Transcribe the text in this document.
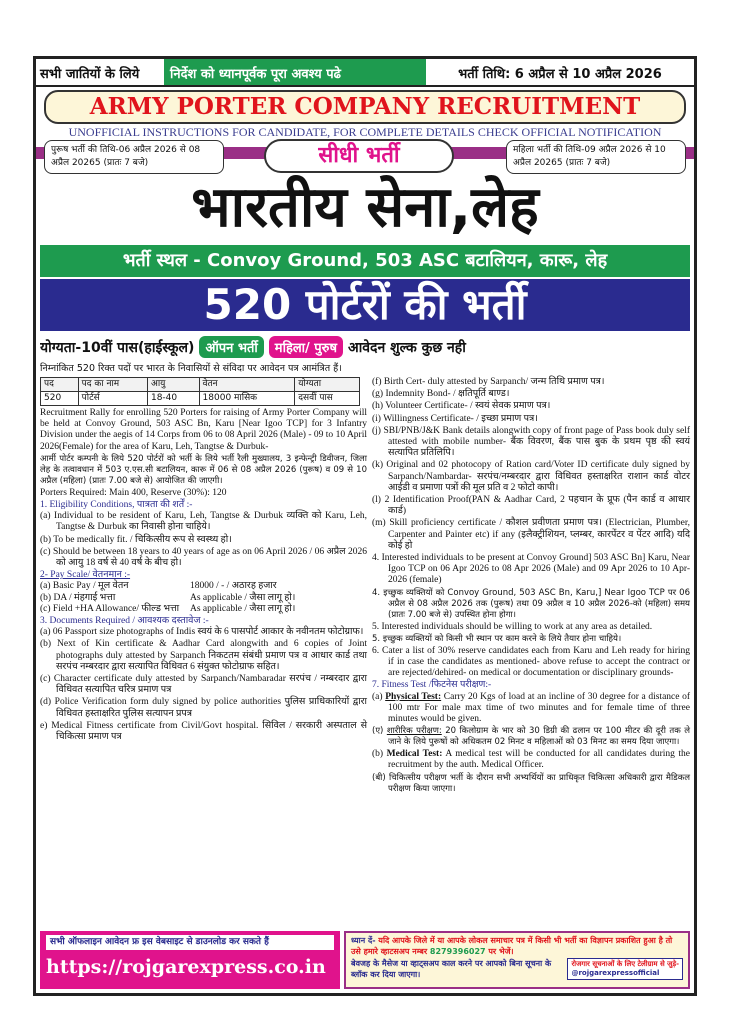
सभी जातियों के लिये	निर्देश को ध्यानपूर्वक पूरा अवश्य पढे	भर्ती तिथि: 6 अप्रैल से 10 अप्रैल 2026
ARMY PORTER COMPANY RECRUITMENT
UNOFFICIAL INSTRUCTIONS FOR CANDIDATE, FOR COMPLETE DETAILS CHECK OFFICIAL NOTIFICATION
पुरूष भर्ती की तिथि-06 अप्रैल 2026 से 08 अप्रैल 20265 (प्रातः 7 बजे)	सीधी भर्ती	महिला भर्ती की तिथि-09 अप्रैल 2026 से 10 अप्रैल 20265 (प्रातः 7 बजे)
भारतीय सेना,लेह
भर्ती स्थल - Convoy Ground, 503 ASC बटालियन, कारू, लेह
520 पोर्टरों की भर्ती
योग्यता-10वीं पास(हाईस्कूल) ऑपन भर्ती	महिला/ पुरुष आवेदन शुल्क कुछ नही
निम्नांकित 520 रिक्त पदों पर भारत के निवासियों से संविदा पर आवेदन पत्र आमंत्रित हैं।
पद	पद का नाम	आयु	वेतन	योग्यता
520	पोर्टर्स	18-40	18000 मासिक	दसवीं पास
Recruitment Rally for enrolling 520 Porters for raising of Army Porter Company will be held at Convoy Ground, 503 ASC Bn, Karu [Near Igoo TCP] for 3 Infantry Division under the aegis of 14 Corps from 06 to 08 April 2026 (Male) - 09 to 10 April 2026(Female) for the area of Karu, Leh, Tangtse & Durbuk-
आर्मी पोर्टर कम्पनी के लिये 520 पोर्टरों को भर्ती के लिये भर्ती रैली मुख्यालय, 3 इन्फेन्ट्री डिवीजन, जिला लेह के तत्वावधान में 503 ए.एस.सी बटालियन, कारू में 06 से 08 अप्रैल 2026 (पुरूष) व 09 से 10 अप्रैल (महिला) (प्रातः 7.00 बजे से) आयोजित की जाएगी।
Porters Required: Main 400, Reserve (30%): 120
1. Eligibility Conditions, पात्रता की शर्तें :-
(a) Individual to be resident of Karu, Leh, Tangtse & Durbuk व्यक्ति को Karu, Leh, Tangtse & Durbuk का निवासी होना चाहिये।
(b) To be medically fit. / चिकित्सीय रूप से स्वस्थ्य हो।
(c) Should be between 18 years to 40 years of age as on 06 April 2026 / 06 अप्रैल 2026 को आयु 18 वर्ष से 40 वर्ष के बीच हो।
2- Pay Scale/ वेतनमान :-
(a) Basic Pay / मूल वेतन	18000 / - / अठारह हजार
(b) DA / मंहगाई भत्ता	As applicable / जैसा लागू हो।
(c) Field +HA Allowance/ फील्ड भत्ता	As applicable / जैसा लागू हो।
3. Documents Required / आवश्यक दस्तावेज :-
(a) 06 Passport size photographs of Indis स्वयं के 6 पासपोर्ट आकार के नवीनतम फोटोग्राफ।
(b) Next of Kin certificate & Aadhar Card alongwith and 6 copies of Joint photographs duly attested by Sarpanch निकटतम संबंधी प्रमाण पत्र व आधार कार्ड तथा सरपंच नम्बरदार द्वारा सत्यापित विधिवत 6 संयुक्त फोटोग्राफ सहित।
(c) Character certificate duly attested by Sarpanch/Nambaradar सरपंच / नम्बरदार द्वारा विधिवत सत्यापित चरित्र प्रमाण पत्र
(d) Police Verification form duly signed by police authorities पुलिस प्राधिकारियों द्वारा विधिवत हस्ताक्षरित पुलिस सत्यापन प्रपत्र
e) Medical Fitness certificate from Civil/Govt hospital. सिविल / सरकारी अस्पताल से चिकित्सा प्रमाण पत्र
(f) Birth Cert- duly attested by Sarpanch/ जन्म तिथि प्रमाण पत्र।
(g) Indemnity Bond- / क्षतिपूर्ति बाण्ड।
(h) Volunteer Certificate- / स्वयं सेवक प्रमाण पत्र।
(i) Willingness Certificate- / इच्छा प्रमाण पत्र।
(j) SBI/PNB/J&K Bank details alongwith copy of front page of Pass book duly self attested with mobile number- बैंक विवरण, बैंक पास बुक के प्रथम पृष्ठ की स्वयं सत्यापित प्रतिलिपि।
(k) Original and 02 photocopy of Ration card/Voter ID certificate duly signed by Sarpanch/Nambardar- सरपंच/नम्बरदार द्वारा विधिवत हस्ताक्षरित राशान कार्ड वोटर आईडी व प्रमाणा पत्रों की मूल प्रति व 2 फोटो कापी।
(l) 2 Identification Proof(PAN & Aadhar Card, 2 पहचान के प्रूफ (पैन कार्ड व आधार कार्ड)
(m) Skill proficiency certificate / कौशल प्रवीणता प्रमाण पत्र। (Electrician, Plumber, Carpenter and Painter etc) if any (इलैक्ट्रीशियन, प्लम्बर, कारपेंटर व पेंटर आदि) यदि कोई हो
4. Interested individuals to be present at Convoy Ground] 503 ASC Bn] Karu, Near Igoo TCP on 06 Apr 2026 to 08 Apr 2026 (Male) and 09 Apr 2026 to 10 Apr- 2026 (female)
4. इच्छुक व्यक्तियों को Convoy Ground, 503 ASC Bn, Karu,] Near Igoo TCP पर 06 अप्रैल से 08 अप्रैल 2026 तक (पुरूष) तथा 09 अप्रैल व 10 अप्रैल 2026-को (महिला) समय (प्रातः 7.00 बजे से) उपस्थित होना होगा।
5. Interested individuals should be willing to work at any area as detailed.
5. इच्छुक व्यक्तियों को किसी भी स्थान पर काम करने के लिये तैयार होना चाहिये।
6. Cater a list of 30% reserve candidates each from Karu and Leh ready for hiring if in case the candidates as mentioned- above refuse to accept the contract or are rejected/dehired- on medical or documentation or disciplinary grounds-
7. Fitness Test /फिटनेस परीक्षण:-
(a) Physical Test: Carry 20 Kgs of load at an incline of 30 degree for a distance of 100 mtr For male max time of two minutes and for female time of three minutes would be given.
(ए) शारीरिक परीक्षण: 20 किलोग्राम के भार को 30 डिग्री की ढलान पर 100 मीटर की दूरी तक ले जाने के लिये पुरूषों को अधिकतम 02 मिनट व महिलाओं को 03 मिनट का समय दिया जाएगा।
(b) Medical Test: A medical test will be conducted for all candidates during the recruitment by the auth. Medical Officer.
(बी) चिकित्सीय परीक्षण भर्ती के दौरान सभी अभ्यर्थियों का प्राधिकृत चिकित्सा अधिकारी द्वारा मैडिकल परीक्षण किया जाएगा।
सभी ऑफलाइन आवेदन फ्र इस वेबसाइट से डाउनलोड कर सकते हैं
https://rojgarexpress.co.in
ध्यान दें- यदि आपके जिले में या आपके लोकल समाचार पत्र में किसी भी भर्ती का विज्ञापन प्रकाशित हुआ है तो उसे हमारे व्हाटसअप नम्बर 8279396027 पर भेजें।
बेवजह के मैसेज या व्हाट्सअप काल करने पर आपको बिना सूचना के ब्लॉक कर दिया जाएगा।
रोजगार सूचनाओं के लिए टेलीग्राम से जुड़े-
@rojgarexpressofficial
